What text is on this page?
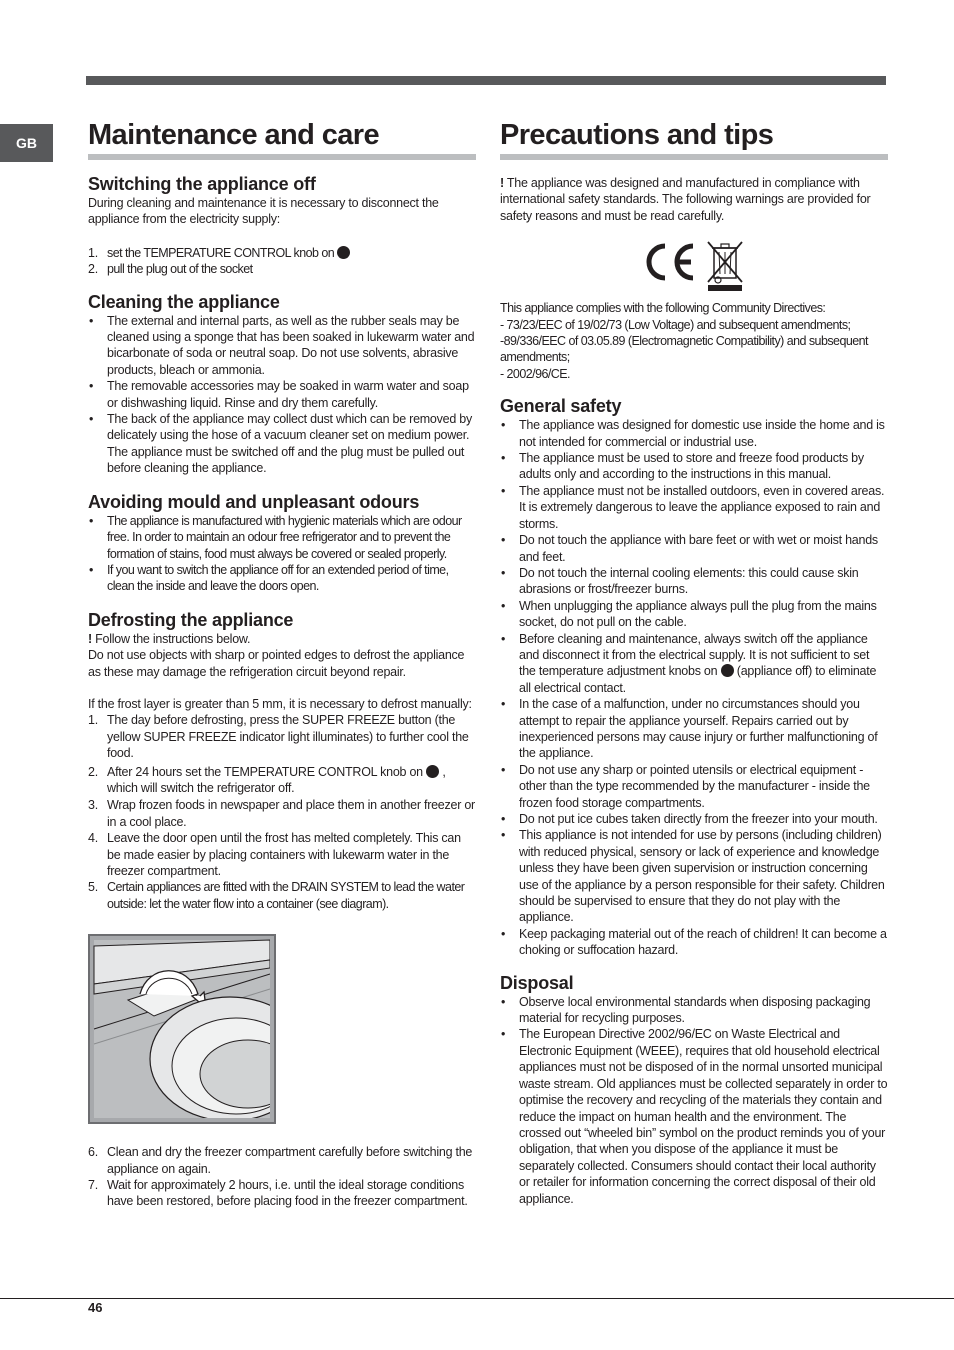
GB	Maintenance and care
Switching the appliance off

During cleaning and maintenance it is necessary to disconnect the appliance from the electricity supply:

1. set the TEMPERATURE CONTROL knob on
2. pull the plug out of the socket
Cleaning the appliance
• The external and internal parts, as well as the rubber seals may be cleaned using a sponge that has been soaked in lukewarm water and bicarbonate of soda or neutral soap. Do not use solvents, abrasive products, bleach or ammonia.
• The removable accessories may be soaked in warm water and soap or dishwashing liquid. Rinse and dry them carefully.
• The back of the appliance may collect dust which can be removed by delicately using the hose of a vacuum cleaner set on medium power. The appliance must be switched off and the plug must be pulled out before cleaning the appliance.
Avoiding mould and unpleasant odours
• The appliance is manufactured with hygienic materials which are odour free. In order to maintain an odour free refrigerator and to prevent the formation of stains, food must always be covered or sealed properly.
• If you want to switch the appliance off for an extended period of time, clean the inside and leave the doors open.
Defrosting the appliance

! Follow the instructions below.

Do not use objects with sharp or pointed edges to defrost the appliance as these may damage the refrigeration circuit beyond repair.

If the frost layer is greater than 5 mm, it is necessary to defrost manually:

1. The day before defrosting, press the SUPER FREEZE button (the yellow SUPER FREEZE indicator light illuminates) to further cool the food.
2. After 24 hours set the TEMPERATURE CONTROL knob on , which will switch the refrigerator off.
3. Wrap frozen foods in newspaper and place them in another freezer or in a cool place.
4. Leave the door open until the frost has melted completely. This can be made easier by placing containers with lukewarm water in the freezer compartment.
5. Certain appliances are fitted with the DRAIN SYSTEM to lead the water outside: let the water flow into a container (see diagram).
6. Clean and dry the freezer compartment carefully before switching the appliance on again.
7. Wait for approximately 2 hours, i.e. until the ideal storage conditions have been restored, before placing food in the freezer compartment.
Precautions and tips

! The appliance was designed and manufactured in compliance with international safety standards. The following warnings are provided for safety reasons and must be read carefully.

This appliance complies with the following Community Directives:

- 73/23/EEC of 19/02/73 (Low Voltage) and subsequent amendments;

-89/336/EEC of 03.05.89 (Electromagnetic Compatibility) and subsequent amendments;

- 2002/96/CE.

General safety
• The appliance was designed for domestic use inside the home and is not intended for commercial or industrial use.
• The appliance must be used to store and freeze food products by adults only and according to the instructions in this manual.
• The appliance must not be installed outdoors, even in covered areas. It is extremely dangerous to leave the appliance exposed to rain and storms.
• Do not touch the appliance with bare feet or with wet or moist hands and feet.
• Do not touch the internal cooling elements: this could cause skin abrasions or frost/freezer burns.
• When unplugging the appliance always pull the plug from the mains socket, do not pull on the cable.
• Before cleaning and maintenance, always switch off the appliance and disconnect it from the electrical supply. It is not sufficient to set the temperature adjustment knobs on (appliance off) to eliminate all electrical contact.
• In the case of a malfunction, under no circumstances should you attempt to repair the appliance yourself. Repairs carried out by inexperienced persons may cause injury or further malfunctioning of the appliance.
• Do not use any sharp or pointed utensils or electrical equipment - other than the type recommended by the manufacturer - inside the frozen food storage compartments.
• Do not put ice cubes taken directly from the freezer into your mouth.
• This appliance is not intended for use by persons (including children) with reduced physical, sensory or lack of experience and knowledge unless they have been given supervision or instruction concerning use of the appliance by a person responsible for their safety. Children should be supervised to ensure that they do not play with the appliance.
• Keep packaging material out of the reach of children! It can become a choking or suffocation hazard.
Disposal
• Observe local environmental standards when disposing packaging material for recycling purposes.
• The European Directive 2002/96/EC on Waste Electrical and Electronic Equipment (WEEE), requires that old household electrical appliances must not be disposed of in the normal unsorted municipal waste stream. Old appliances must be collected separately in order to optimise the recovery and recycling of the materials they contain and reduce the impact on human health and the environment. The crossed out “wheeled bin” symbol on the product reminds you of your obligation, that when you dispose of the appliance it must be separately collected. Consumers should contact their local authority or retailer for information concerning the correct disposal of their old appliance.
46
